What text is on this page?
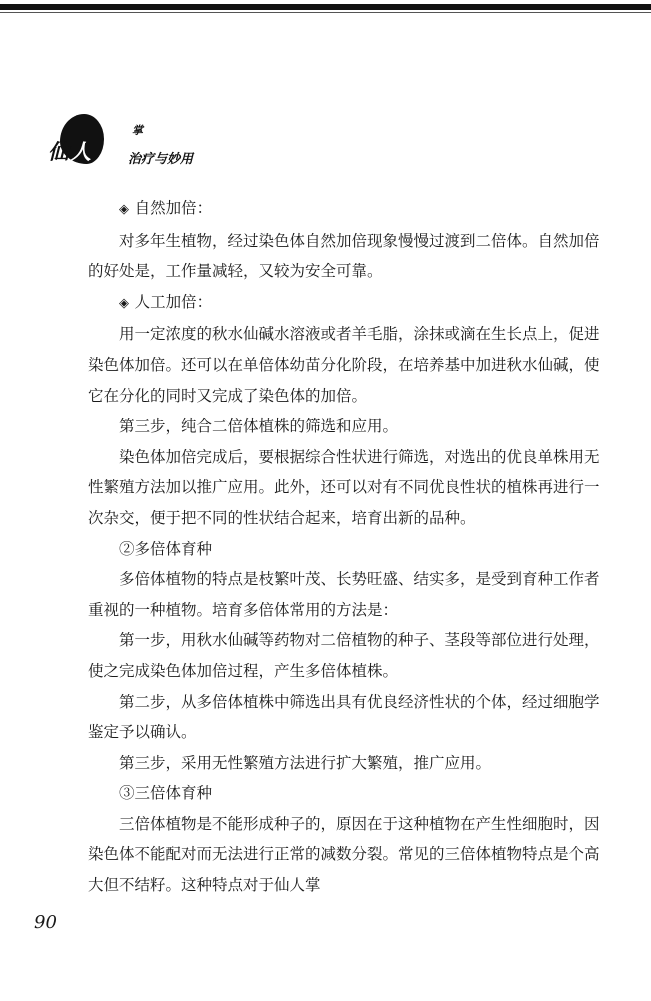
仙人
掌
治疗与妙用

◈ 自然加倍：

对多年生植物，经过染色体自然加倍现象慢慢过渡到二倍体。自然加倍的好处是，工作量减轻，又较为安全可靠。

◈ 人工加倍：

用一定浓度的秋水仙碱水溶液或者羊毛脂，涂抹或滴在生长点上，促进染色体加倍。还可以在单倍体幼苗分化阶段，在培养基中加进秋水仙碱，使它在分化的同时又完成了染色体的加倍。

第三步，纯合二倍体植株的筛选和应用。

染色体加倍完成后，要根据综合性状进行筛选，对选出的优良单株用无性繁殖方法加以推广应用。此外，还可以对有不同优良性状的植株再进行一次杂交，便于把不同的性状结合起来，培育出新的品种。

②多倍体育种

多倍体植物的特点是枝繁叶茂、长势旺盛、结实多，是受到育种工作者重视的一种植物。培育多倍体常用的方法是：

第一步，用秋水仙碱等药物对二倍植物的种子、茎段等部位进行处理，使之完成染色体加倍过程，产生多倍体植株。

第二步，从多倍体植株中筛选出具有优良经济性状的个体，经过细胞学鉴定予以确认。

第三步，采用无性繁殖方法进行扩大繁殖，推广应用。

③三倍体育种

三倍体植物是不能形成种子的，原因在于这种植物在产生性细胞时，因染色体不能配对而无法进行正常的减数分裂。常见的三倍体植物特点是个高大但不结籽。这种特点对于仙人掌

90
